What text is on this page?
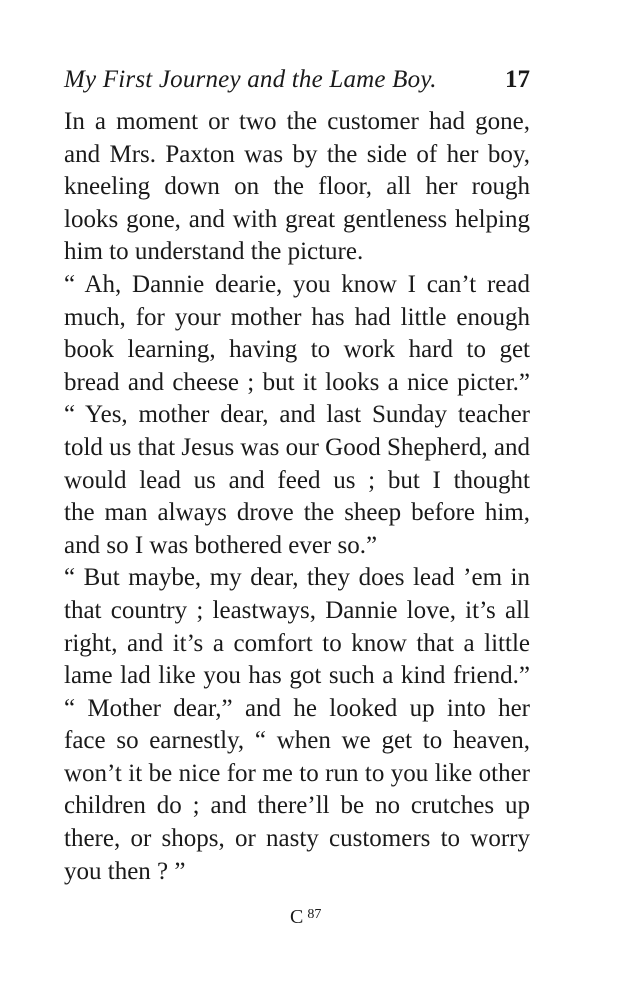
My First Journey and the Lame Boy.	17
In a moment or two the customer had gone,
and Mrs. Paxton was by the side of her boy,
kneeling down on the floor, all her rough
looks gone, and with great gentleness helping
him to understand the picture.
“ Ah, Dannie dearie, you know I can’t read
much, for your mother has had little enough
book learning, having to work hard to get
bread and cheese ; but it looks a nice picter.”
“ Yes, mother dear, and last Sunday teacher
told us that Jesus was our Good Shepherd, and
would lead us and feed us ; but I thought
the man always drove the sheep before him,
and so I was bothered ever so.”
“ But maybe, my dear, they does lead ’em in
that country ; leastways, Dannie love, it’s all
right, and it’s a comfort to know that a little
lame lad like you has got such a kind friend.”
“ Mother dear,” and he looked up into her
face so earnestly, “ when we get to heaven,
won’t it be nice for me to run to you like other
children do ; and there’ll be no crutches up
there, or shops, or nasty customers to worry
you then ? ”
C 87
